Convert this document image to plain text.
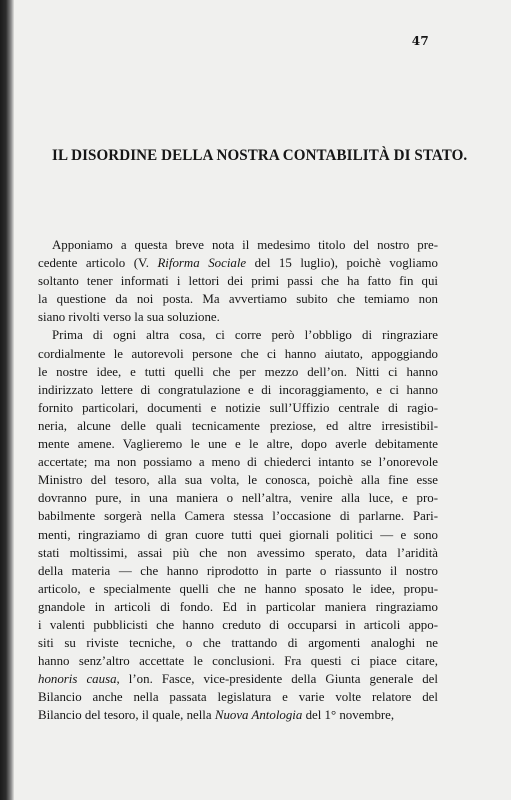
47
IL DISORDINE DELLA NOSTRA CONTABILITÀ DI STATO.
Apponiamo a questa breve nota il medesimo titolo del nostro pre-
cedente articolo (V. Riforma Sociale del 15 luglio), poichè vogliamo
soltanto tener informati i lettori dei primi passi che ha fatto fin qui
la questione da noi posta. Ma avvertiamo subito che temiamo non
siano rivolti verso la sua soluzione.
Prima di ogni altra cosa, ci corre però l’obbligo di ringraziare
cordialmente le autorevoli persone che ci hanno aiutato, appoggiando
le nostre idee, e tutti quelli che per mezzo dell’on. Nitti ci hanno
indirizzato lettere di congratulazione e di incoraggiamento, e ci hanno
fornito particolari, documenti e notizie sull’Uffizio centrale di ragio-
neria, alcune delle quali tecnicamente preziose, ed altre irresistibil-
mente amene. Vaglieremo le une e le altre, dopo averle debitamente
accertate; ma non possiamo a meno di chiederci intanto se l’onorevole
Ministro del tesoro, alla sua volta, le conosca, poichè alla fine esse
dovranno pure, in una maniera o nell’altra, venire alla luce, e pro-
babilmente sorgerà nella Camera stessa l’occasione di parlarne. Pari-
menti, ringraziamo di gran cuore tutti quei giornali politici — e sono
stati moltissimi, assai più che non avessimo sperato, data l’aridità
della materia — che hanno riprodotto in parte o riassunto il nostro
articolo, e specialmente quelli che ne hanno sposato le idee, propu-
gnandole in articoli di fondo. Ed in particolar maniera ringraziamo
i valenti pubblicisti che hanno creduto di occuparsi in articoli appo-
siti su riviste tecniche, o che trattando di argomenti analoghi ne
hanno senz’altro accettate le conclusioni. Fra questi ci piace citare,
honoris causa, l’on. Fasce, vice-presidente della Giunta generale del
Bilancio anche nella passata legislatura e varie volte relatore del
Bilancio del tesoro, il quale, nella Nuova Antologia del 1° novembre,
